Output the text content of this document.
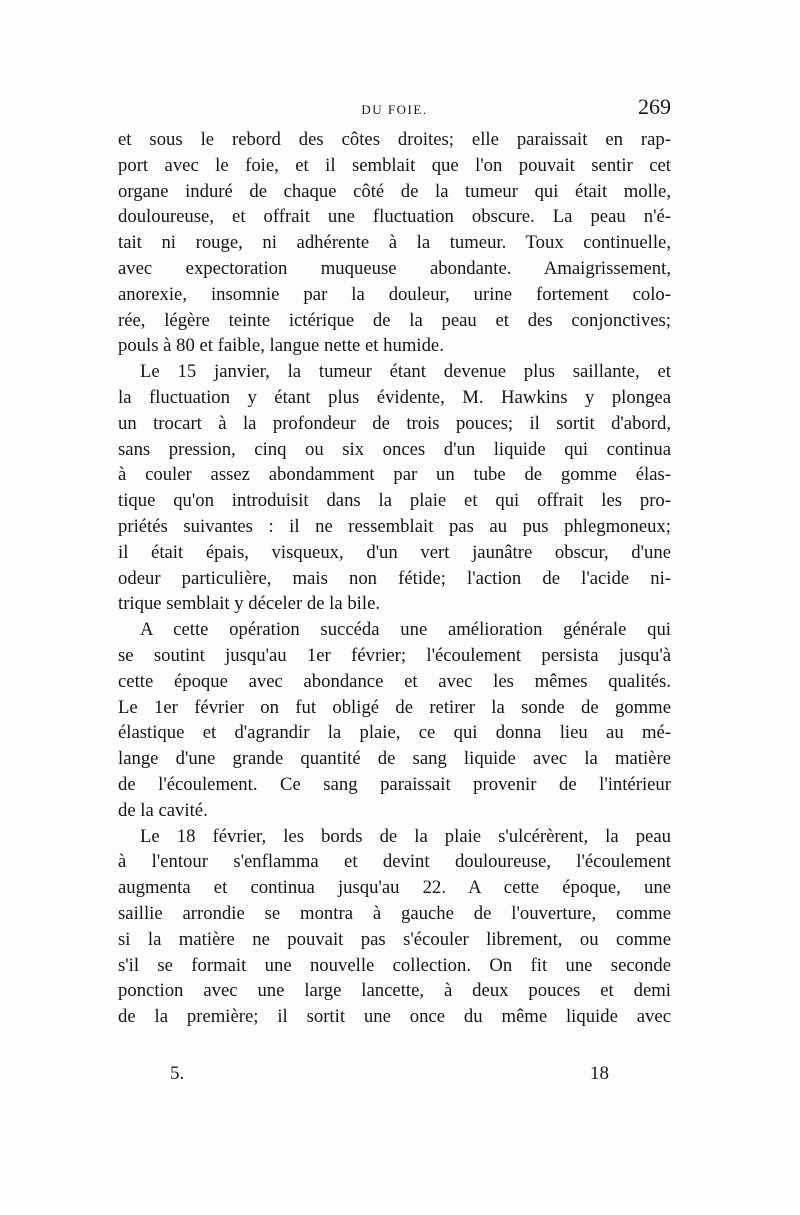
DU FOIE.	269
et sous le rebord des côtes droites; elle paraissait en rap-
port avec le foie, et il semblait que l'on pouvait sentir cet
organe induré de chaque côté de la tumeur qui était molle,
douloureuse, et offrait une fluctuation obscure. La peau n'é-
tait ni rouge, ni adhérente à la tumeur. Toux continuelle,
avec expectoration muqueuse abondante. Amaigrissement,
anorexie, insomnie par la douleur, urine fortement colo-
rée, légère teinte ictérique de la peau et des conjonctives;
pouls à 80 et faible, langue nette et humide.
Le 15 janvier, la tumeur étant devenue plus saillante, et
la fluctuation y étant plus évidente, M. Hawkins y plongea
un trocart à la profondeur de trois pouces; il sortit d'abord,
sans pression, cinq ou six onces d'un liquide qui continua
à couler assez abondamment par un tube de gomme élas-
tique qu'on introduisit dans la plaie et qui offrait les pro-
priétés suivantes : il ne ressemblait pas au pus phlegmoneux;
il était épais, visqueux, d'un vert jaunâtre obscur, d'une
odeur particulière, mais non fétide; l'action de l'acide ni-
trique semblait y déceler de la bile.
A cette opération succéda une amélioration générale qui
se soutint jusqu'au 1er février; l'écoulement persista jusqu'à
cette époque avec abondance et avec les mêmes qualités.
Le 1er février on fut obligé de retirer la sonde de gomme
élastique et d'agrandir la plaie, ce qui donna lieu au mé-
lange d'une grande quantité de sang liquide avec la matière
de l'écoulement. Ce sang paraissait provenir de l'intérieur
de la cavité.
Le 18 février, les bords de la plaie s'ulcérèrent, la peau
à l'entour s'enflamma et devint douloureuse, l'écoulement
augmenta et continua jusqu'au 22. A cette époque, une
saillie arrondie se montra à gauche de l'ouverture, comme
si la matière ne pouvait pas s'écouler librement, ou comme
s'il se formait une nouvelle collection. On fit une seconde
ponction avec une large lancette, à deux pouces et demi
de la première; il sortit une once du même liquide avec
5.	18
